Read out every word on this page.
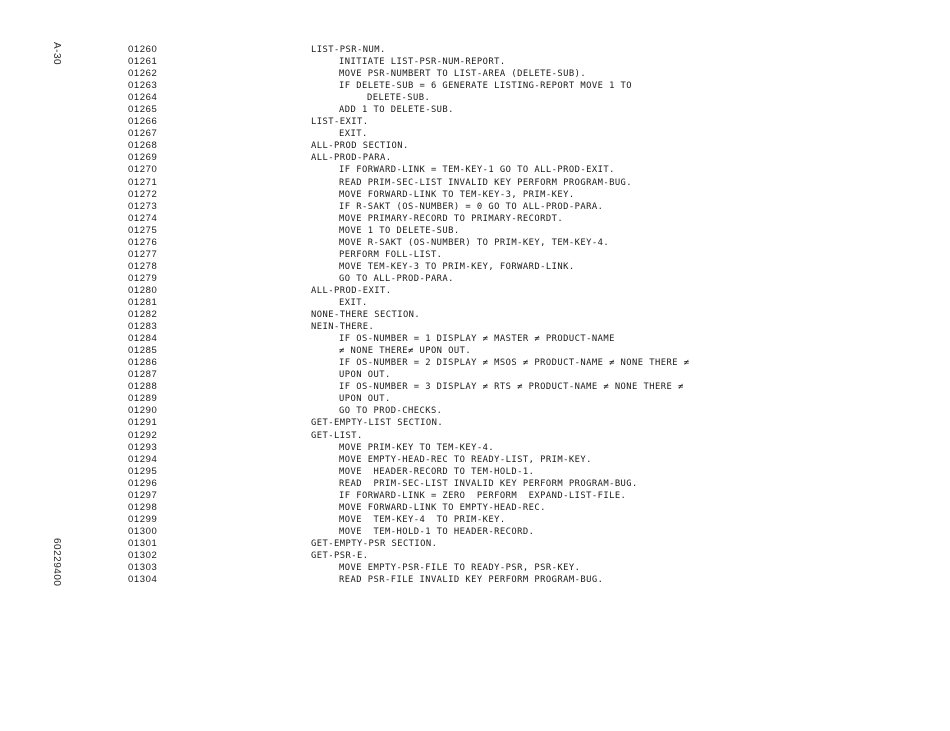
A-30
60229400
01260	LIST-PSR-NUM.
01261	INITIATE LIST-PSR-NUM-REPORT.
01262	MOVE PSR-NUMBERT TO LIST-AREA (DELETE-SUB).
01263	IF DELETE-SUB = 6 GENERATE LISTING-REPORT MOVE 1 TO
01264	DELETE-SUB.
01265	ADD 1 TO DELETE-SUB.
01266	LIST-EXIT.
01267	EXIT.
01268	ALL-PROD SECTION.
01269	ALL-PROD-PARA.
01270	IF FORWARD-LINK = TEM-KEY-1 GO TO ALL-PROD-EXIT.
01271	READ PRIM-SEC-LIST INVALID KEY PERFORM PROGRAM-BUG.
01272	MOVE FORWARD-LINK TO TEM-KEY-3, PRIM-KEY.
01273	IF R-SAKT (OS-NUMBER) = 0 GO TO ALL-PROD-PARA.
01274	MOVE PRIMARY-RECORD TO PRIMARY-RECORDT.
01275	MOVE 1 TO DELETE-SUB.
01276	MOVE R-SAKT (OS-NUMBER) TO PRIM-KEY, TEM-KEY-4.
01277	PERFORM FOLL-LIST.
01278	MOVE TEM-KEY-3 TO PRIM-KEY, FORWARD-LINK.
01279	GO TO ALL-PROD-PARA.
01280	ALL-PROD-EXIT.
01281	EXIT.
01282	NONE-THERE SECTION.
01283	NEIN-THERE.
01284	IF OS-NUMBER = 1 DISPLAY ≠ MASTER ≠ PRODUCT-NAME
01285	≠ NONE THERE≠ UPON OUT.
01286	IF OS-NUMBER = 2 DISPLAY ≠ MSOS ≠ PRODUCT-NAME ≠ NONE THERE ≠
01287	UPON OUT.
01288	IF OS-NUMBER = 3 DISPLAY ≠ RTS ≠ PRODUCT-NAME ≠ NONE THERE ≠
01289	UPON OUT.
01290	GO TO PROD-CHECKS.
01291	GET-EMPTY-LIST SECTION.
01292	GET-LIST.
01293	MOVE PRIM-KEY TO TEM-KEY-4.
01294	MOVE EMPTY-HEAD-REC TO READY-LIST, PRIM-KEY.
01295	MOVE  HEADER-RECORD TO TEM-HOLD-1.
01296	READ  PRIM-SEC-LIST INVALID KEY PERFORM PROGRAM-BUG.
01297	IF FORWARD-LINK = ZERO  PERFORM  EXPAND-LIST-FILE.
01298	MOVE FORWARD-LINK TO EMPTY-HEAD-REC.
01299	MOVE  TEM-KEY-4  TO PRIM-KEY.
01300	MOVE  TEM-HOLD-1 TO HEADER-RECORD.
01301	GET-EMPTY-PSR SECTION.
01302	GET-PSR-E.
01303	MOVE EMPTY-PSR-FILE TO READY-PSR, PSR-KEY.
01304	READ PSR-FILE INVALID KEY PERFORM PROGRAM-BUG.
